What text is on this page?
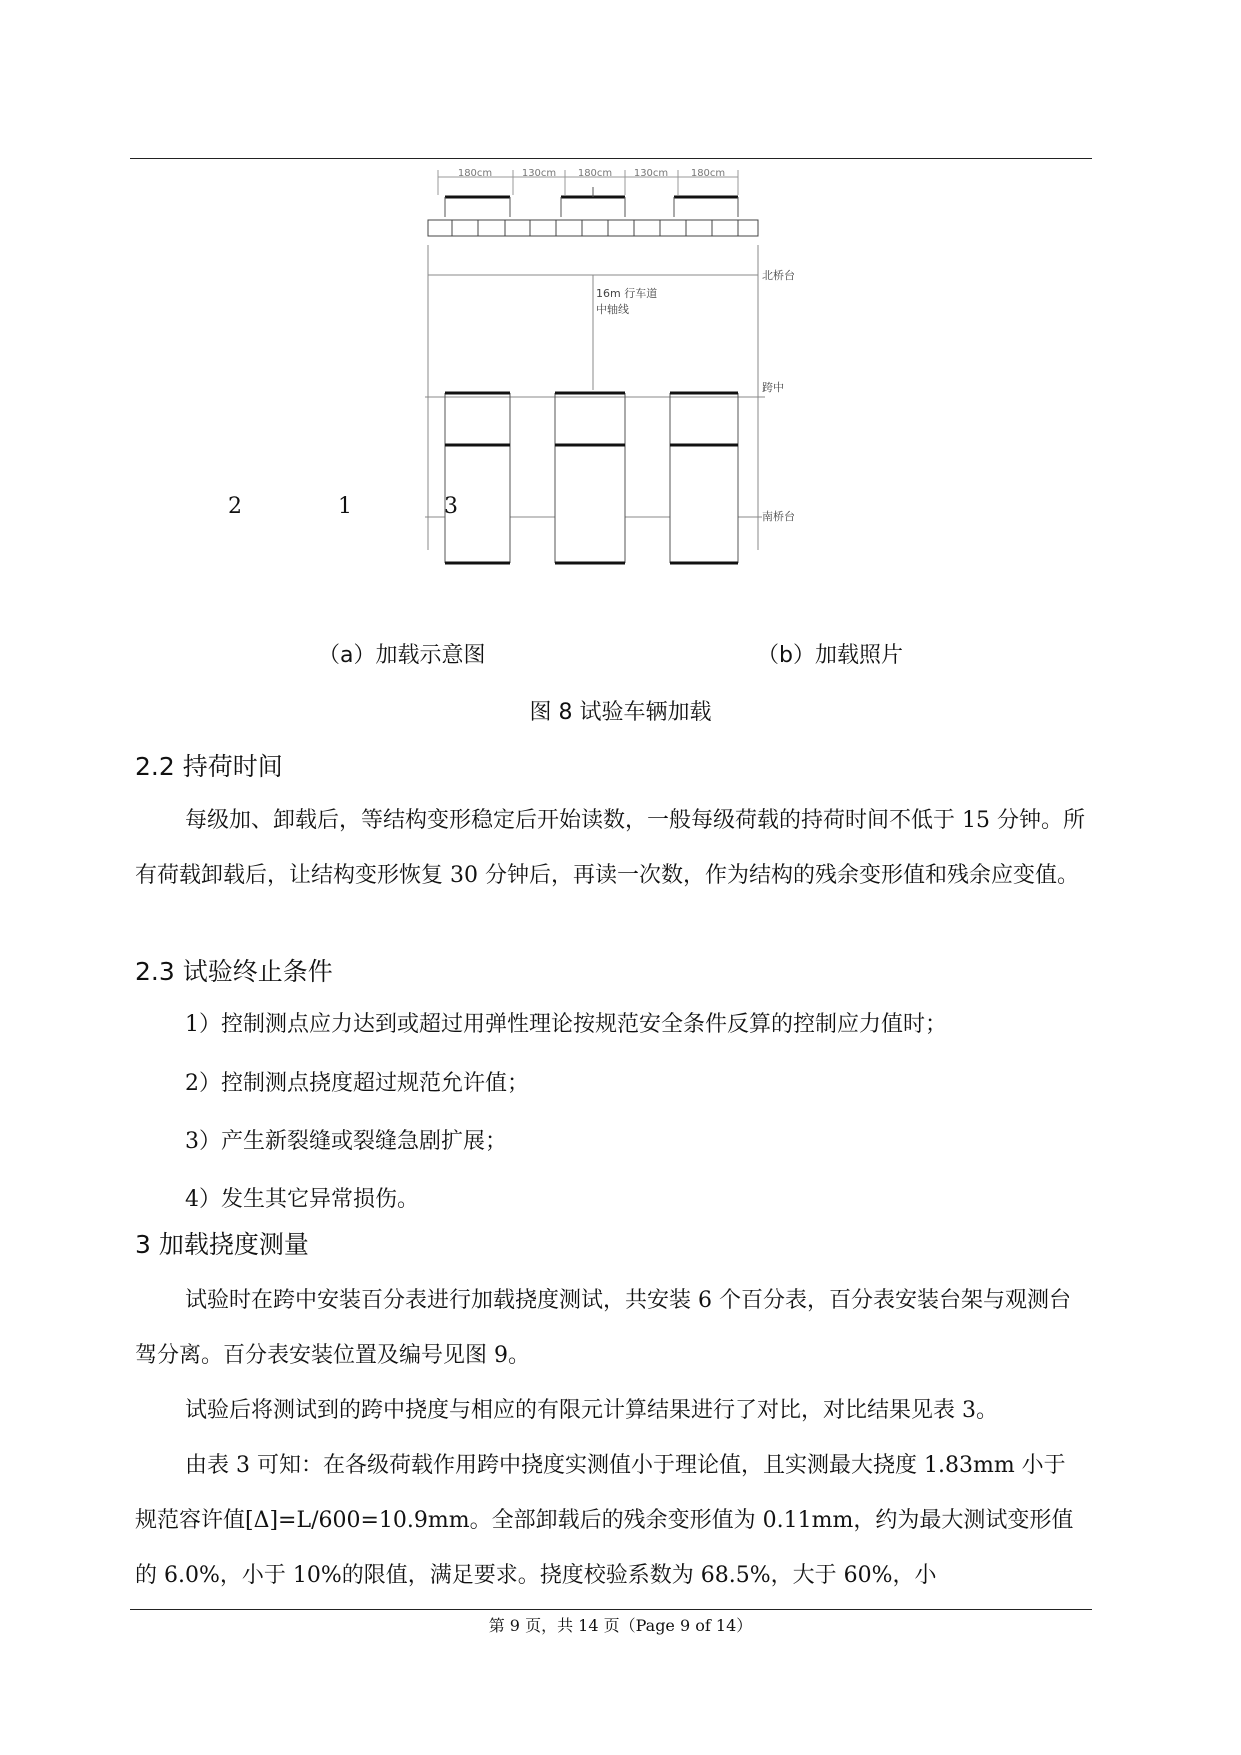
180cm	130cm 180cm 130cm 180cm
16m 行车道
中轴线
北桥台
跨中
南桥台
2	1	3
（a）加载示意图	（b）加载照片
图 8 试验车辆加载
2.2 持荷时间
每级加、卸载后，等结构变形稳定后开始读数，一般每级荷载的持荷时间不低于 15 分钟。所有荷载卸载后，让结构变形恢复 30 分钟后，再读一次数，作为结构的残余变形值和残余应变值。
2.3 试验终止条件
1）控制测点应力达到或超过用弹性理论按规范安全条件反算的控制应力值时；
2）控制测点挠度超过规范允许值；
3）产生新裂缝或裂缝急剧扩展；
4）发生其它异常损伤。
3 加载挠度测量
试验时在跨中安装百分表进行加载挠度测试，共安装 6 个百分表，百分表安装台架与观测台驾分离。百分表安装位置及编号见图 9。
试验后将测试到的跨中挠度与相应的有限元计算结果进行了对比，对比结果见表 3。
由表 3 可知：在各级荷载作用跨中挠度实测值小于理论值，且实测最大挠度 1.83mm 小于规范容许值[Δ]=L/600=10.9mm。全部卸载后的残余变形值为 0.11mm，约为最大测试变形值的 6.0%，小于 10%的限值，满足要求。挠度校验系数为 68.5%，大于 60%，小
第 9 页，共 14 页（Page 9 of 14）
